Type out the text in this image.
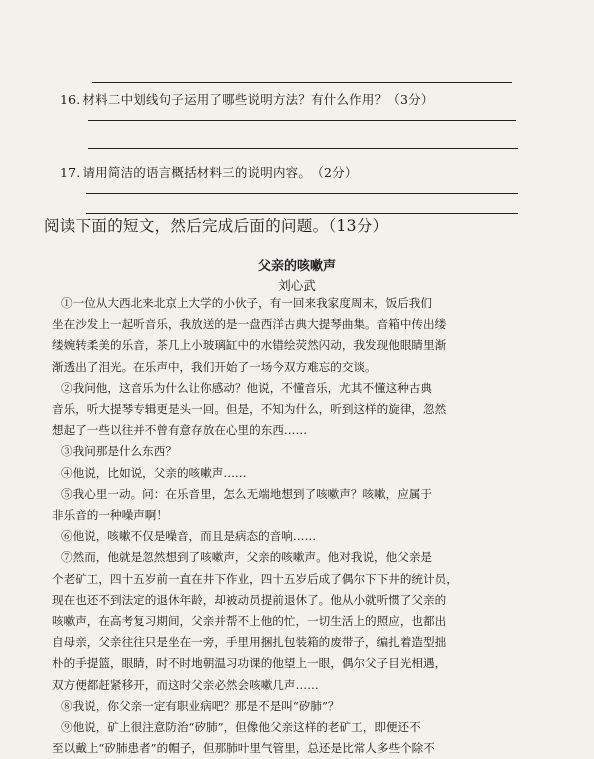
16. 材料二中划线句子运用了哪些说明方法？有什么作用？（3分）
17. 请用简洁的语言概括材料三的说明内容。　（2分）
阅读下面的短文，然后完成后面的问题。（13分）
父亲的咳嗽声
刘心武
①一位从大西北来北京上大学的小伙子，有一回来我家度周末，饭后我们
坐在沙发上一起听音乐，我放送的是一盘西洋古典大提琴曲集。音箱中传出缕
缕婉转柔美的乐音，茶几上小玻璃缸中的水错绘荧然闪动，我发现他眼睛里渐
渐透出了泪光。在乐声中，我们开始了一场今双方难忘的交谈。
②我问他，这音乐为什么让你感动？他说，不懂音乐，尤其不懂这种古典
音乐，听大提琴专辑更是头一回。但是，不知为什么，听到这样的旋律，忽然
想起了一些以往并不曾有意存放在心里的东西……
③我问那是什么东西？
④他说，比如说，父亲的咳嗽声……
⑤我心里一动。问：在乐音里，怎么无端地想到了咳嗽声？咳嗽，应属于
非乐音的一种噪声啊！
⑥他说，咳嗽不仅是噪音，而且是病态的音响……
⑦然而，他就是忽然想到了咳嗽声，父亲的咳嗽声。他对我说，他父亲是
个老矿工，四十五岁前一直在井下作业，四十五岁后成了偶尔下下井的统计员，
现在也还不到法定的退休年龄，却被动员提前退休了。他从小就听惯了父亲的
咳嗽声，在高考复习期间，父亲并帮不上他的忙，一切生活上的照应，也都出
自母亲，父亲往往只是坐在一旁，手里用捆扎包装箱的废带子，编扎着造型拙
朴的手提篮，眼睛，时不时地朝温习功课的他望上一眼，偶尔父子目光相遇，
双方便都赶紧移开，而这时父亲必然会咳嗽几声……
⑧我说，你父亲一定有职业病吧？那是不是叫“矽肺”？
⑨他说，矿上很注意防治“矽肺”，但像他父亲这样的老矿工，即便还不
至以戴上“矽肺患者”的帽子，但那肺叶里气管里，总还是比常人多些个除不
